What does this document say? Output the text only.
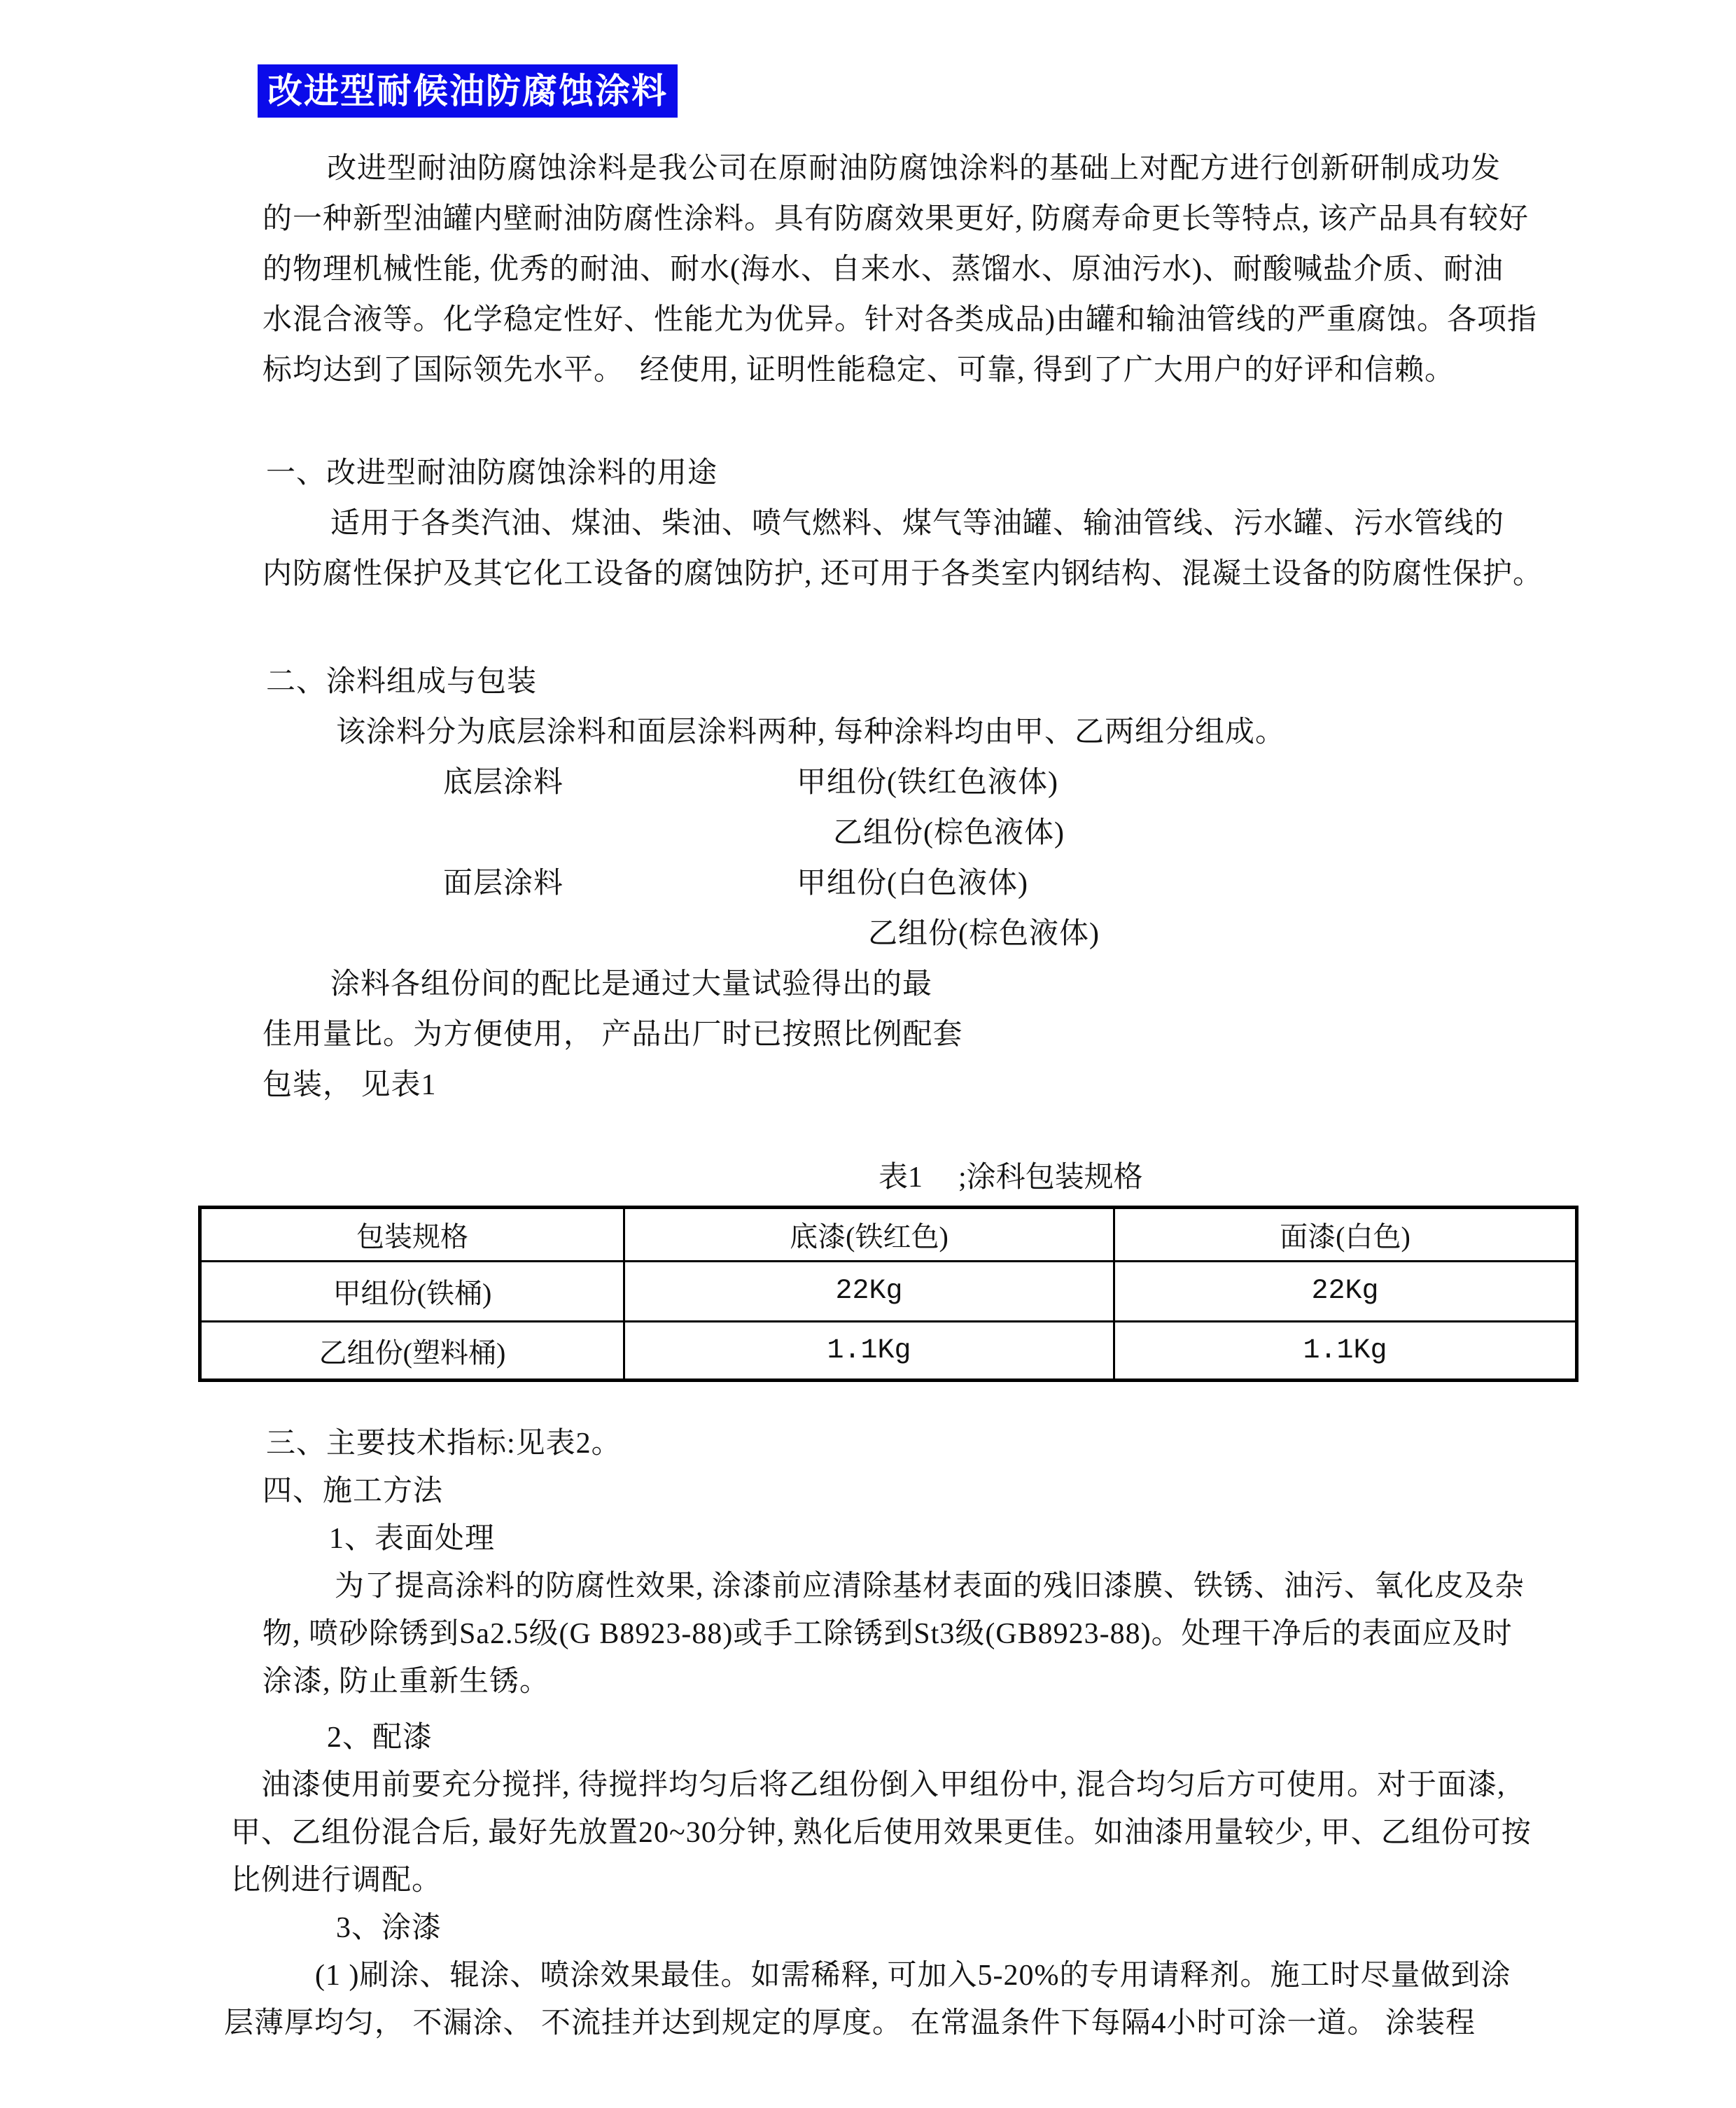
改进型耐候油防腐蚀涂料
改进型耐油防腐蚀涂料是我公司在原耐油防腐蚀涂料的基础上对配方进行创新研制成功发
的一种新型油罐内壁耐油防腐性涂料。具有防腐效果更好, 防腐寿命更长等特点, 该产品具有较好
的物理机械性能, 优秀的耐油、耐水(海水、自来水、蒸馏水、原油污水)、耐酸喊盐介质、耐油
水混合液等。化学稳定性好、性能尤为优异。针对各类成品)由罐和输油管线的严重腐蚀。各项指
标均达到了国际领先水平。  经使用, 证明性能稳定、可靠, 得到了广大用户的好评和信赖。
一、改进型耐油防腐蚀涂料的用途
适用于各类汽油、煤油、柴油、喷气燃料、煤气等油罐、输油管线、污水罐、污水管线的
内防腐性保护及其它化工设备的腐蚀防护, 还可用于各类室内钢结构、混凝土设备的防腐性保护。
二、涂料组成与包装
该涂料分为底层涂料和面层涂料两种, 每种涂料均由甲、乙两组分组成。
底层涂料	甲组份(铁红色液体)
乙组份(棕色液体)
面层涂料	甲组份(白色液体)
乙组份(棕色液体)
涂料各组份间的配比是通过大量试验得出的最
佳用量比。为方便使用， 产品出厂时已按照比例配套
包装， 见表1
表1 ;涂科包装规格
包装规格	底漆(铁红色)	面漆(白色)
甲组份(铁桶)	22Kg	22Kg
乙组份(塑料桶)	1.1Kg	1.1Kg
三、主要技术指标:见表2。
四、施工方法
1、表面处理
为了提高涂料的防腐性效果, 涂漆前应清除基材表面的残旧漆膜、铁锈、油污、氧化皮及杂
物, 喷砂除锈到Sa2.5级(G B8923-88)或手工除锈到St3级(GB8923-88)。处理干净后的表面应及时
涂漆, 防止重新生锈。
2、配漆
油漆使用前要充分搅拌, 待搅拌均匀后将乙组份倒入甲组份中, 混合均匀后方可使用。对于面漆,
甲、乙组份混合后, 最好先放置20~30分钟, 熟化后使用效果更佳。如油漆用量较少, 甲、乙组份可按
比例进行调配。
3、涂漆
(1 )刷涂、辊涂、喷涂效果最佳。如需稀释, 可加入5-20%的专用请释剂。施工时尽量做到涂
层薄厚均匀， 不漏涂、 不流挂并达到规定的厚度。 在常温条件下每隔4小时可涂一道。 涂装程
